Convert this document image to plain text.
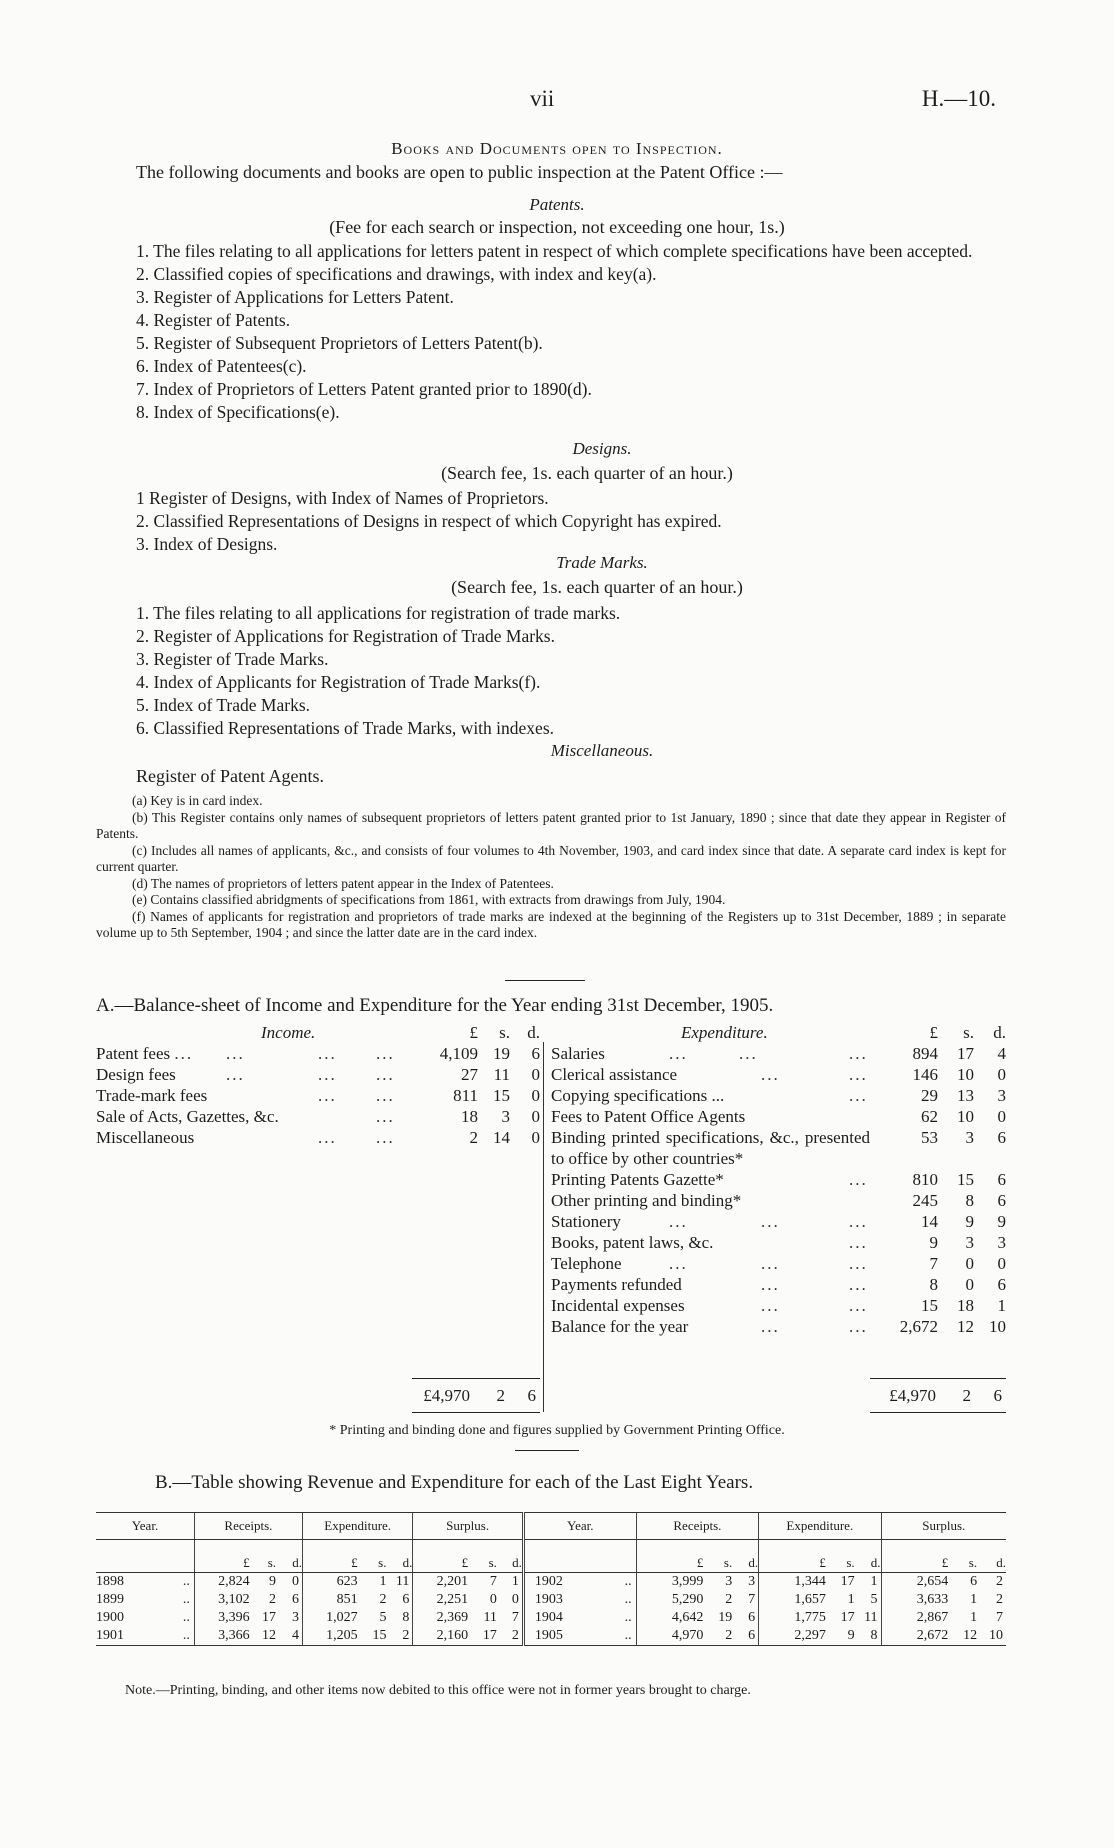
vii	H.—10.
Books and Documents open to Inspection.
The following documents and books are open to public inspection at the Patent Office :—
Patents.
(Fee for each search or inspection, not exceeding one hour, 1s.)
1. The files relating to all applications for letters patent in respect of which complete specifications have been accepted.
2. Classified copies of specifications and drawings, with index and key(a).
3. Register of Applications for Letters Patent.
4. Register of Patents.
5. Register of Subsequent Proprietors of Letters Patent(b).
6. Index of Patentees(c).
7. Index of Proprietors of Letters Patent granted prior to 1890(d).
8. Index of Specifications(e).
Designs.
(Search fee, 1s. each quarter of an hour.)
1 Register of Designs, with Index of Names of Proprietors.
2. Classified Representations of Designs in respect of which Copyright has expired.
3. Index of Designs.
Trade Marks.
(Search fee, 1s. each quarter of an hour.)
1. The files relating to all applications for registration of trade marks.
2. Register of Applications for Registration of Trade Marks.
3. Register of Trade Marks.
4. Index of Applicants for Registration of Trade Marks(f).
5. Index of Trade Marks.
6. Classified Representations of Trade Marks, with indexes.
Miscellaneous.
Register of Patent Agents.
(a) Key is in card index.
(b) This Register contains only names of subsequent proprietors of letters patent granted prior to 1st January, 1890 ; since that date they appear in Register of Patents.
(c) Includes all names of applicants, &c., and consists of four volumes to 4th November, 1903, and card index since that date. A separate card index is kept for current quarter.
(d) The names of proprietors of letters patent appear in the Index of Patentees.
(e) Contains classified abridgments of specifications from 1861, with extracts from drawings from July, 1904.
(f) Names of applicants for registration and proprietors of trade marks are indexed at the beginning of the Registers up to 31st December, 1889 ; in separate volume up to 5th September, 1904 ; and since the latter date are in the card index.
A.—Balance-sheet of Income and Expenditure for the Year ending 31st December, 1905.
Income.	£	s.	d.
Patent fees ... ... ... ...	4,109	19	6
Design fees ... ... ...	27	11	0
Trade-mark fees ... ...	811	15	0
Sale of Acts, Gazettes, &c. ...	18	3	0
Miscellaneous ... ...	2	14	0
Expenditure.	£	s.	d.
Salaries ... ... ...	894	17	4
Clerical assistance ... ...	146	10	0
Copying specifications ... ...	29	13	3
Fees to Patent Office Agents	62	10	0
Binding printed specifications, &c., presented to office by other countries*	53	3	6
Printing Patents Gazette* ...	810	15	6
Other printing and binding*	245	8	6
Stationery ... ... ...	14	9	9
Books, patent laws, &c. ...	9	3	3
Telephone ... ... ...	7	0	0
Payments refunded ... ...	8	0	6
Incidental expenses ... ...	15	18	1
Balance for the year ... ...	2,672	12	10
£4,970 2 6	£4,970 2 6
* Printing and binding done and figures supplied by Government Printing Office.
B.—Table showing Revenue and Expenditure for each of the Last Eight Years.
Year.		Receipts.			Expenditure.			Surplus.			Year.		Receipts.			Expenditure.			Surplus.		
		£	s.	d.	£	s.	d.	£	s.	d.			£	s.	d.	£	s.	d.	£	s.	d.
1898	..	2,824	9	0	623	1	11	2,201	7	1	1902	..	3,999	3	3	1,344	17	1	2,654	6	2
1899	..	3,102	2	6	851	2	6	2,251	0	0	1903	..	5,290	2	7	1,657	1	5	3,633	1	2
1900	..	3,396	17	3	1,027	5	8	2,369	11	7	1904	..	4,642	19	6	1,775	17	11	2,867	1	7
1901	..	3,366	12	4	1,205	15	2	2,160	17	2	1905	..	4,970	2	6	2,297	9	8	2,672	12	10
Note.—Printing, binding, and other items now debited to this office were not in former years brought to charge.
